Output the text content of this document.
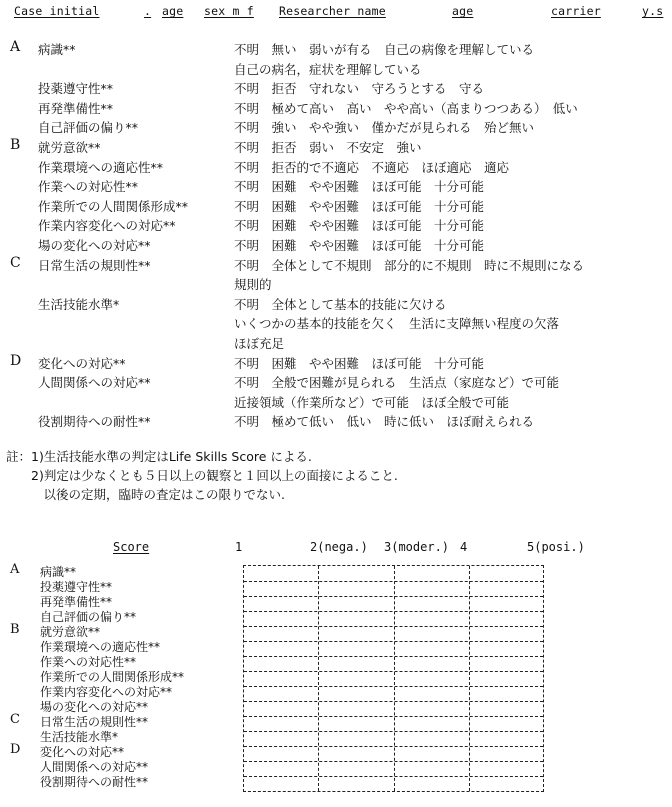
Case initial	. age sex m f Researcher name	age	carrier	y.s
A 病識**	不明　無い　弱いが有る　自己の病像を理解している
自己の病名，症状を理解している
投薬遵守性**	不明　拒否　守れない　守ろうとする　守る
再発準備性**	不明　極めて高い　高い　やや高い（高まりつつある）　低い
自己評価の偏り**	不明　強い　やや強い　僅かだが見られる　殆ど無い
B 就労意欲**	不明　拒否　弱い　不安定　強い
作業環境への適応性**	不明　拒否的で不適応　不適応　ほぼ適応　適応
作業への対応性**	不明　困難　やや困難　ほぼ可能　十分可能
作業所での人間関係形成**	不明　困難　やや困難　ほぼ可能　十分可能
作業内容変化への対応**	不明　困難　やや困難　ほぼ可能　十分可能
場の変化への対応**	不明　困難　やや困難　ほぼ可能　十分可能
C 日常生活の規則性**	不明　全体として不規則　部分的に不規則　時に不規則になる
規則的
生活技能水準*	不明　全体として基本的技能に欠ける
いくつかの基本的技能を欠く　生活に支障無い程度の欠落
ほぼ充足
D 変化への対応**	不明　困難　やや困難　ほぼ可能　十分可能
人間関係への対応**	不明　全般で困難が見られる　生活点（家庭など）で可能
近接領域（作業所など）で可能　ほぼ全般で可能
役割期待への耐性**	不明　極めて低い　低い　時に低い　ほぼ耐えられる
註：1)生活技能水準の判定はLife Skills Score による.
　　2)判定は少なくとも５日以上の観察と１回以上の面接によること.
　　　以後の定期，臨時の査定はこの限りでない.
Score	1	2(nega.) 3(moder.) 4	5(posi.)
A 病識**
投薬遵守性**
再発準備性**
自己評価の偏り**
B 就労意欲**
作業環境への適応性**
作業への対応性**
作業所での人間関係形成**
作業内容変化への対応**
場の変化への対応**
C 日常生活の規則性**
生活技能水準*
D 変化への対応**
人間関係への対応**
役割期待への耐性**
